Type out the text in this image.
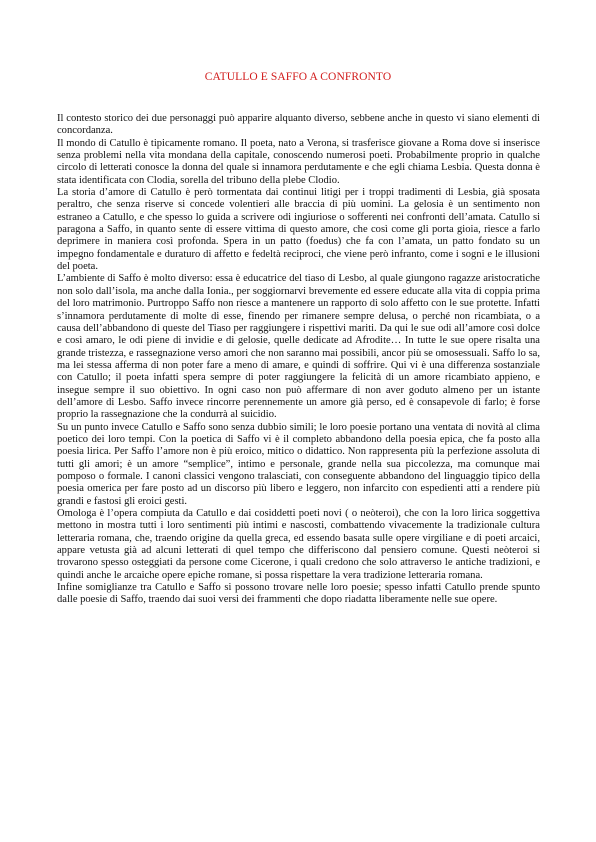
CATULLO E SAFFO A CONFRONTO

Il contesto storico dei due personaggi può apparire alquanto diverso, sebbene anche in questo vi siano elementi di concordanza.

Il mondo di Catullo è tipicamente romano. Il poeta, nato a Verona, si trasferisce giovane a Roma dove si inserisce senza problemi nella vita mondana della capitale, conoscendo numerosi poeti. Probabilmente proprio in qualche circolo di letterati conosce la donna del quale si innamora perdutamente e che egli chiama Lesbia. Questa donna è stata identificata con Clodia, sorella del tribuno della plebe Clodio.

La storia d’amore di Catullo è però tormentata dai continui litigi per i troppi tradimenti di Lesbia, già sposata peraltro, che senza riserve si concede volentieri alle braccia di più uomini. La gelosia è un sentimento non estraneo a Catullo, e che spesso lo guida a scrivere odi ingiuriose o sofferenti nei confronti dell’amata. Catullo si paragona a Saffo, in quanto sente di essere vittima di questo amore, che così come gli porta gioia, riesce a farlo deprimere in maniera così profonda. Spera in un patto (foedus) che fa con l’amata, un patto fondato su un impegno fondamentale e duraturo di affetto e fedeltà reciproci, che viene però infranto, come i sogni e le illusioni del poeta.

L’ambiente di Saffo è molto diverso: essa è educatrice del tiaso di Lesbo, al quale giungono ragazze aristocratiche non solo dall’isola, ma anche dalla Ionia., per soggiornarvi brevemente ed essere educate alla vita di coppia prima del loro matrimonio. Purtroppo Saffo non riesce a mantenere un rapporto di solo affetto con le sue protette. Infatti s’innamora perdutamente di molte di esse, finendo per rimanere sempre delusa, o perché non ricambiata, o a causa dell’abbandono di queste del Tiaso per raggiungere i rispettivi mariti. Da qui le sue odi all’amore così dolce e così amaro, le odi piene di invidie e di gelosie, quelle dedicate ad Afrodite… In tutte le sue opere risalta una grande tristezza, e rassegnazione verso amori che non saranno mai possibili, ancor più se omosessuali. Saffo lo sa, ma lei stessa afferma di non poter fare a meno di amare, e quindi di soffrire. Qui vi è una differenza sostanziale con Catullo; il poeta infatti spera sempre di poter raggiungere la felicità di un amore ricambiato appieno, e insegue sempre il suo obiettivo. In ogni caso non può affermare di non aver goduto almeno per un istante dell’amore di Lesbo. Saffo invece rincorre perennemente un amore già perso, ed è consapevole di farlo; è forse proprio la rassegnazione che la condurrà al suicidio.

Su un punto invece Catullo e Saffo sono senza dubbio simili; le loro poesie portano una ventata di novità al clima poetico dei loro tempi. Con la poetica di Saffo vi è il completo abbandono della poesia epica, che fa posto alla poesia lirica. Per Saffo l’amore non è più eroico, mitico o didattico. Non rappresenta più la perfezione assoluta di tutti gli amori; è un amore “semplice”, intimo e personale, grande nella sua piccolezza, ma comunque mai pomposo o formale. I canoni classici vengono tralasciati, con conseguente abbandono del linguaggio tipico della poesia omerica per fare posto ad un discorso più libero e leggero, non infarcito con espedienti atti a rendere più grandi e fastosi gli eroici gesti.

Omologa è l’opera compiuta da Catullo e dai cosiddetti poeti novi ( o neòteroi), che con la loro lirica soggettiva mettono in mostra tutti i loro sentimenti più intimi e nascosti, combattendo vivacemente la tradizionale cultura letteraria romana, che, traendo origine da quella greca, ed essendo basata sulle opere virgiliane e di poeti arcaici, appare vetusta già ad alcuni letterati di quel tempo che differiscono dal pensiero comune. Questi neòteroi si trovarono spesso osteggiati da persone come Cicerone, i quali credono che solo attraverso le antiche tradizioni, e quindi anche le arcaiche opere epiche romane, si possa rispettare la vera tradizione letteraria romana.

Infine somiglianze tra Catullo e Saffo si possono trovare nelle loro poesie; spesso infatti Catullo prende spunto dalle poesie di Saffo, traendo dai suoi versi dei frammenti che dopo riadatta liberamente nelle sue opere.
